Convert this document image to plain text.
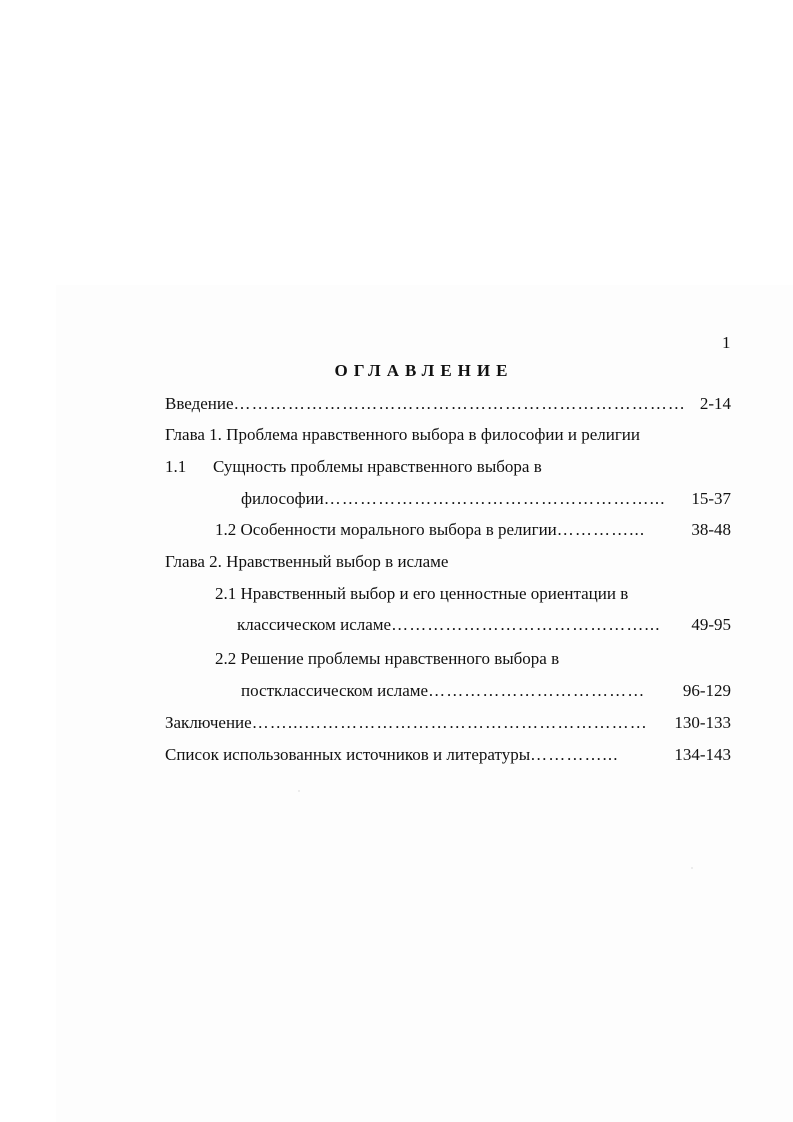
1
ОГЛАВЛЕНИЕ
Введение ………………………………………………………………… 2-14
Глава 1. Проблема нравственного выбора в философии и религии
1.1	Сущность проблемы нравственного выбора в
философии ………………………………………………...	15-37
1.2 Особенности морального выбора в религии …………...	38-48
Глава 2. Нравственный выбор в исламе
2.1 Нравственный выбор и его ценностные ориентации в
классическом исламе ……………………………………...	49-95
2.2 Решение проблемы нравственного выбора в
постклассическом исламе ………………………………	96-129
Заключение ……...…………………………………………………	130-133
Список использованных источников и литературы …………...	134-143
